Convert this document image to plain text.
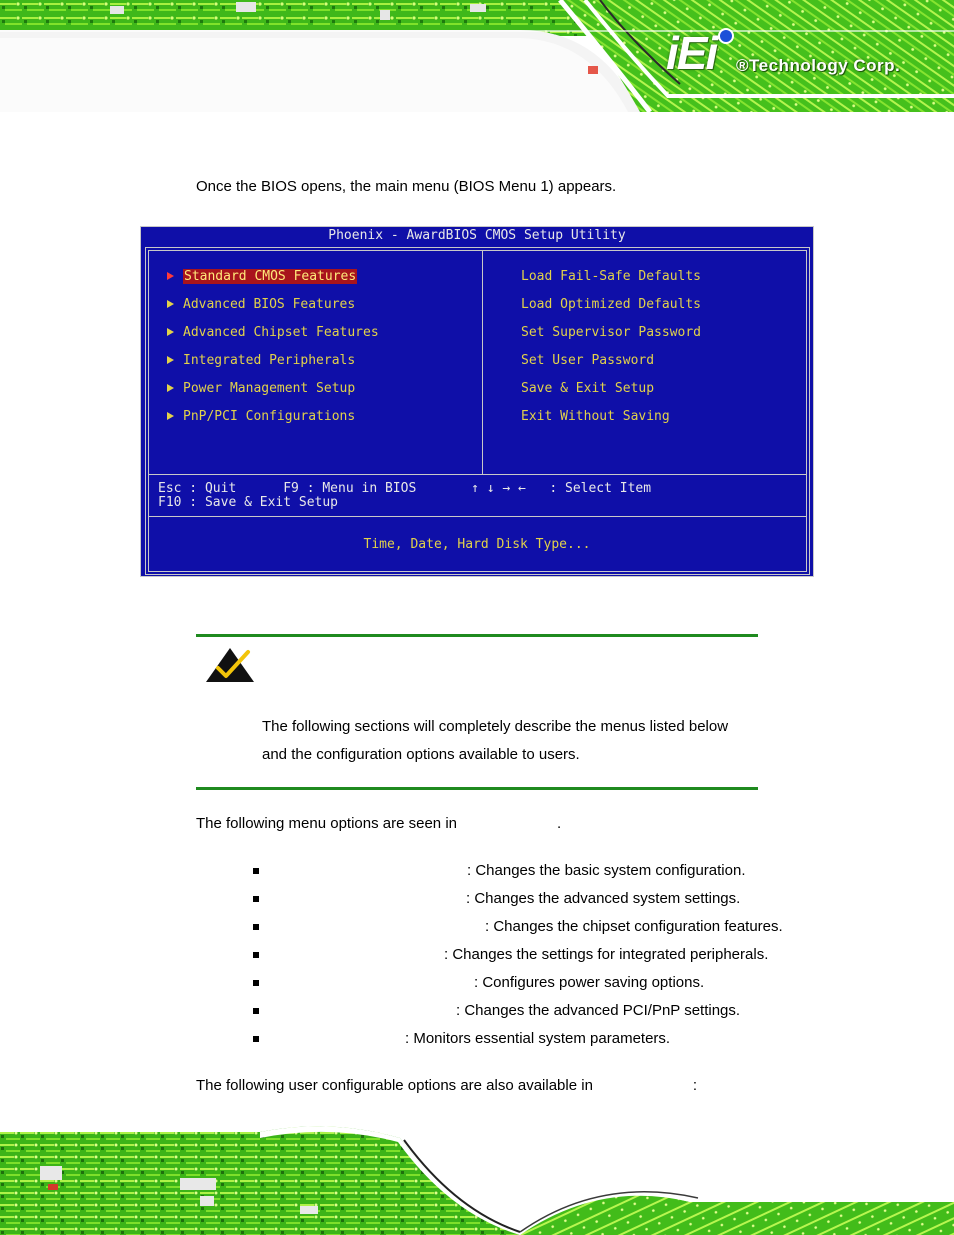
iEi ®Technology Corp.
Once the BIOS opens, the main menu (BIOS Menu 1) appears.
Phoenix - AwardBIOS CMOS Setup Utility
Standard CMOS Features
Advanced BIOS Features
Advanced Chipset Features
Integrated Peripherals
Power Management Setup
PnP/PCI Configurations
Load Fail-Safe Defaults
Load Optimized Defaults
Set Supervisor Password
Set User Password
Save & Exit Setup
Exit Without Saving
Esc : Quit      F9 : Menu in BIOS       ↑ ↓ → ←   : Select Item
F10 : Save & Exit Setup
Time, Date, Hard Disk Type...
The following sections will completely describe the menus listed below
and the configuration options available to users.
The following menu options are seen in	.
: Changes the basic system configuration.
: Changes the advanced system settings.
: Changes the chipset configuration features.
: Changes the settings for integrated peripherals.
: Configures power saving options.
: Changes the advanced PCI/PnP settings.
: Monitors essential system parameters.
The following user configurable options are also available in	:
